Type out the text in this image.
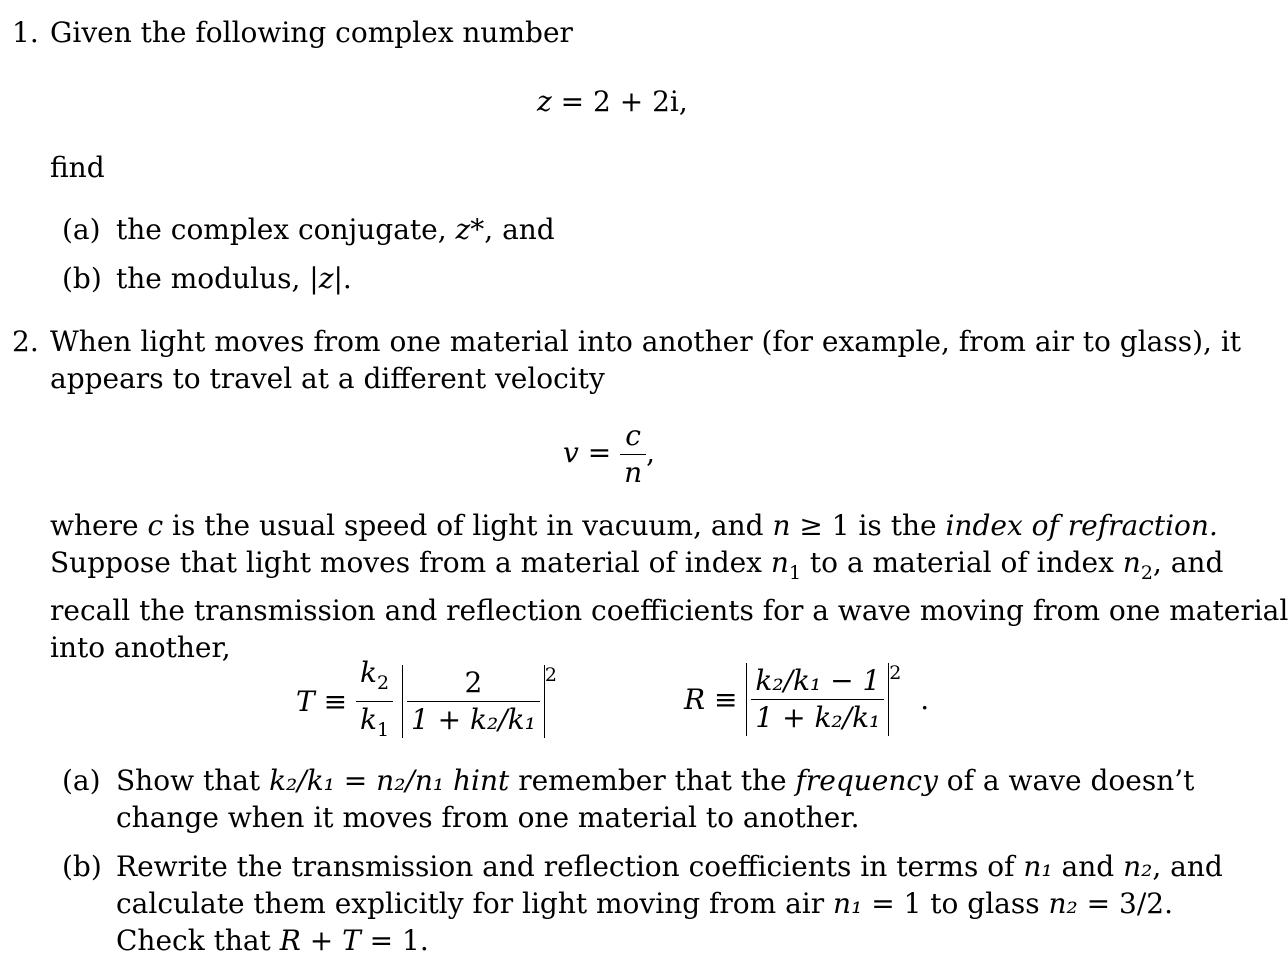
1. Given the following complex number
z = 2 + 2i,
find
(a) the complex conjugate, z*, and
(b) the modulus, |z|.
2. When light moves from one material into another (for example, from air to glass), it
appears to travel at a different velocity
$v = \frac{c}{n}$ ,
where c is the usual speed of light in vacuum, and n ≥ 1 is the index of refraction.
Suppose that light moves from a material of index $n_1$ to a material of index $n_2$, and
recall the transmission and reflection coefficients for a wave moving from one material
into another,
$T \equiv \frac{k_2}{k_1}$
$\frac{2}{\text{1 + k₂/k₁}} ^2$
$R \equiv \frac{\text{k₂/k₁ − 1}}{\text{1 + k₂/k₁}} ^2$ .
(a) Show that k₂/k₁ = n₂/n₁ hint remember that the frequency of a wave doesn’t
change when it moves from one material to another.
(b) Rewrite the transmission and reflection coefficients in terms of n₁ and n₂, and
calculate them explicitly for light moving from air n₁ = 1 to glass n₂ = 3/2.
Check that R + T = 1.
